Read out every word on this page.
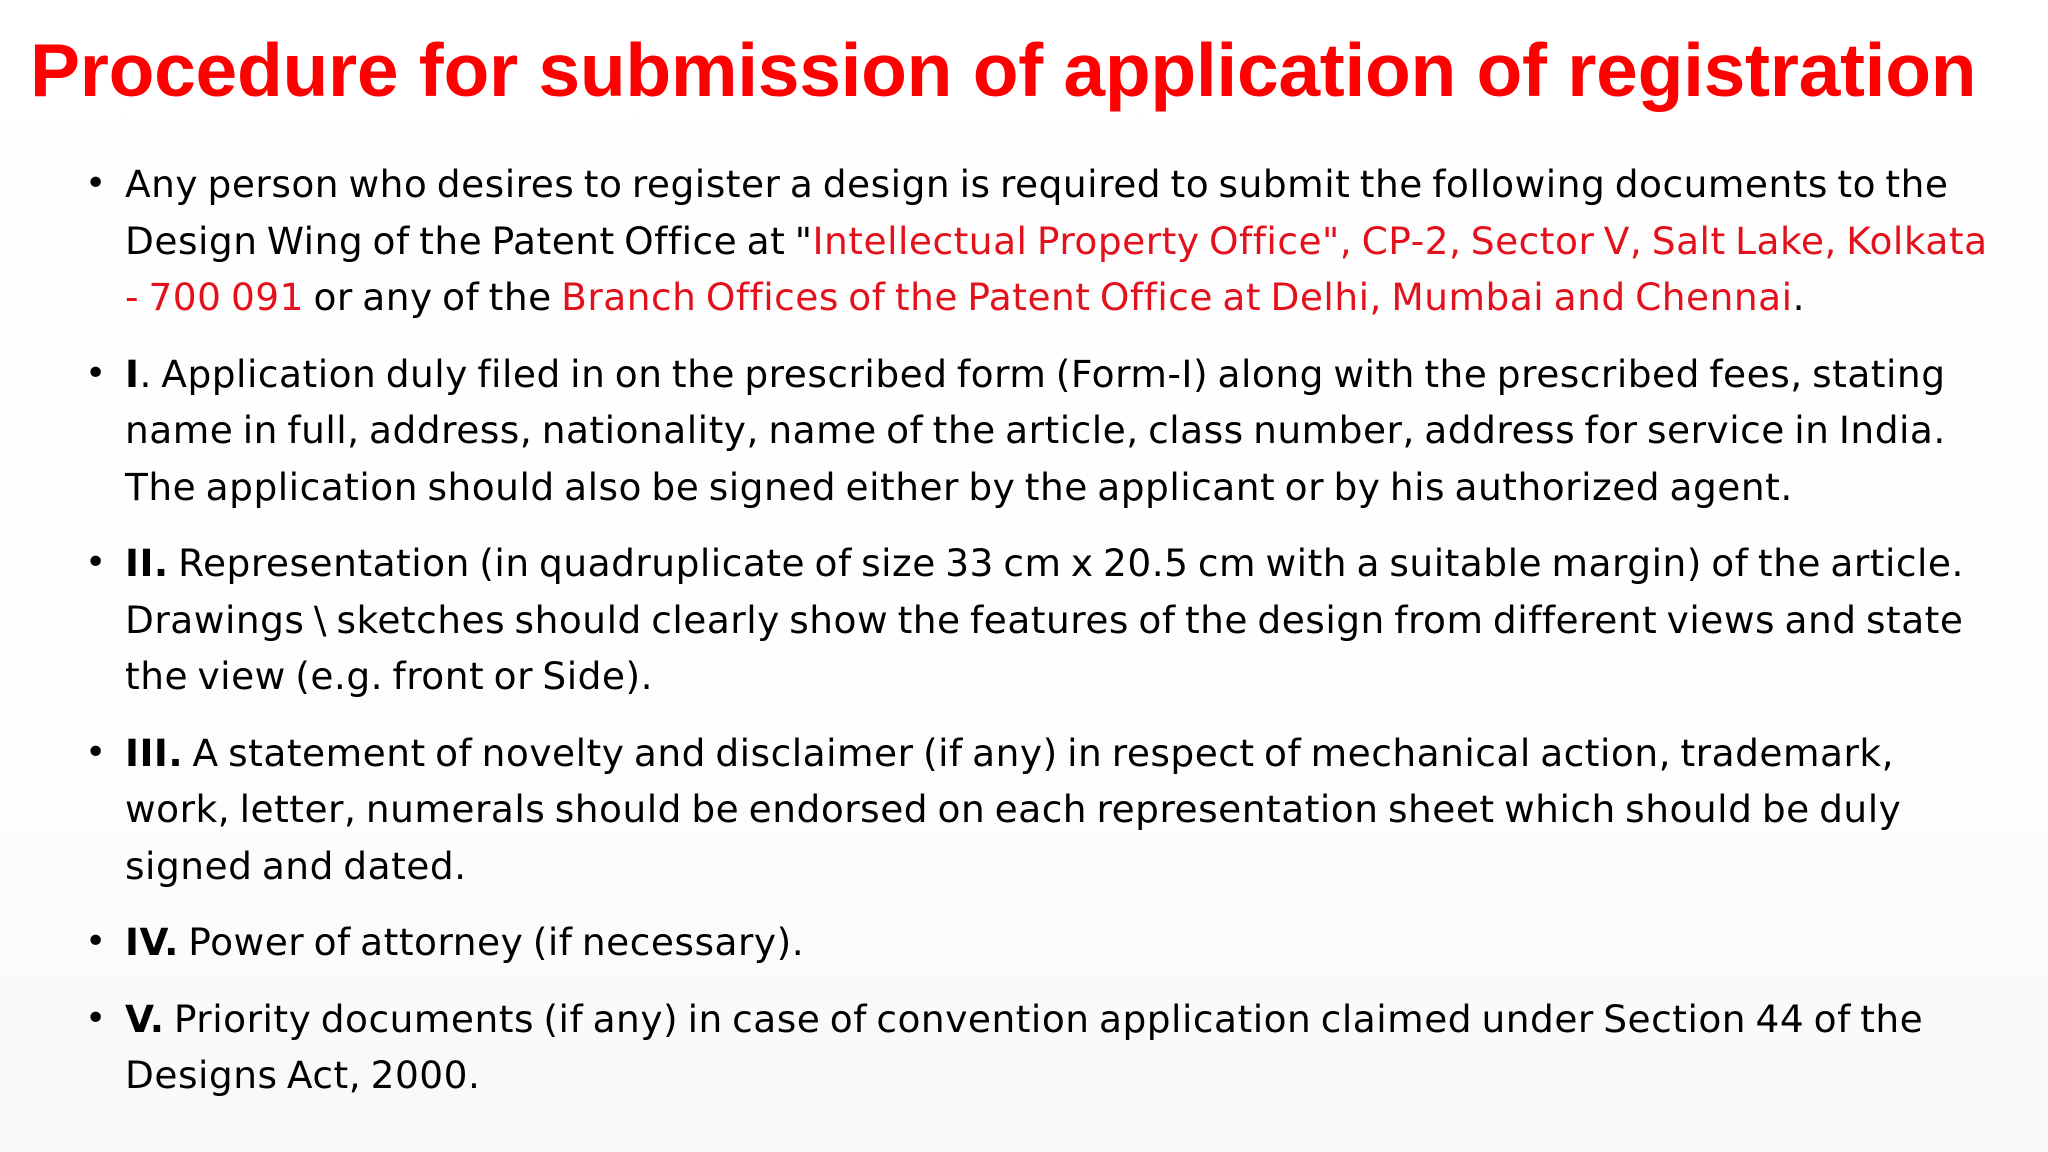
Procedure for submission of application of registration
• Any person who desires to register a design is required to submit the following documents to the Design Wing of the Patent Office at "Intellectual Property Office", CP-2, Sector V, Salt Lake, Kolkata - 700 091 or any of the Branch Offices of the Patent Office at Delhi, Mumbai and Chennai.
• I. Application duly filed in on the prescribed form (Form-I) along with the prescribed fees, stating name in full, address, nationality, name of the article, class number, address for service in India. The application should also be signed either by the applicant or by his authorized agent.
• II. Representation (in quadruplicate of size 33 cm x 20.5 cm with a suitable margin) of the article. Drawings \ sketches should clearly show the features of the design from different views and state the view (e.g. front or Side).
• III. A statement of novelty and disclaimer (if any) in respect of mechanical action, trademark, work, letter, numerals should be endorsed on each representation sheet which should be duly signed and dated.
• IV. Power of attorney (if necessary).
• V. Priority documents (if any) in case of convention application claimed under Section 44 of the Designs Act, 2000.
